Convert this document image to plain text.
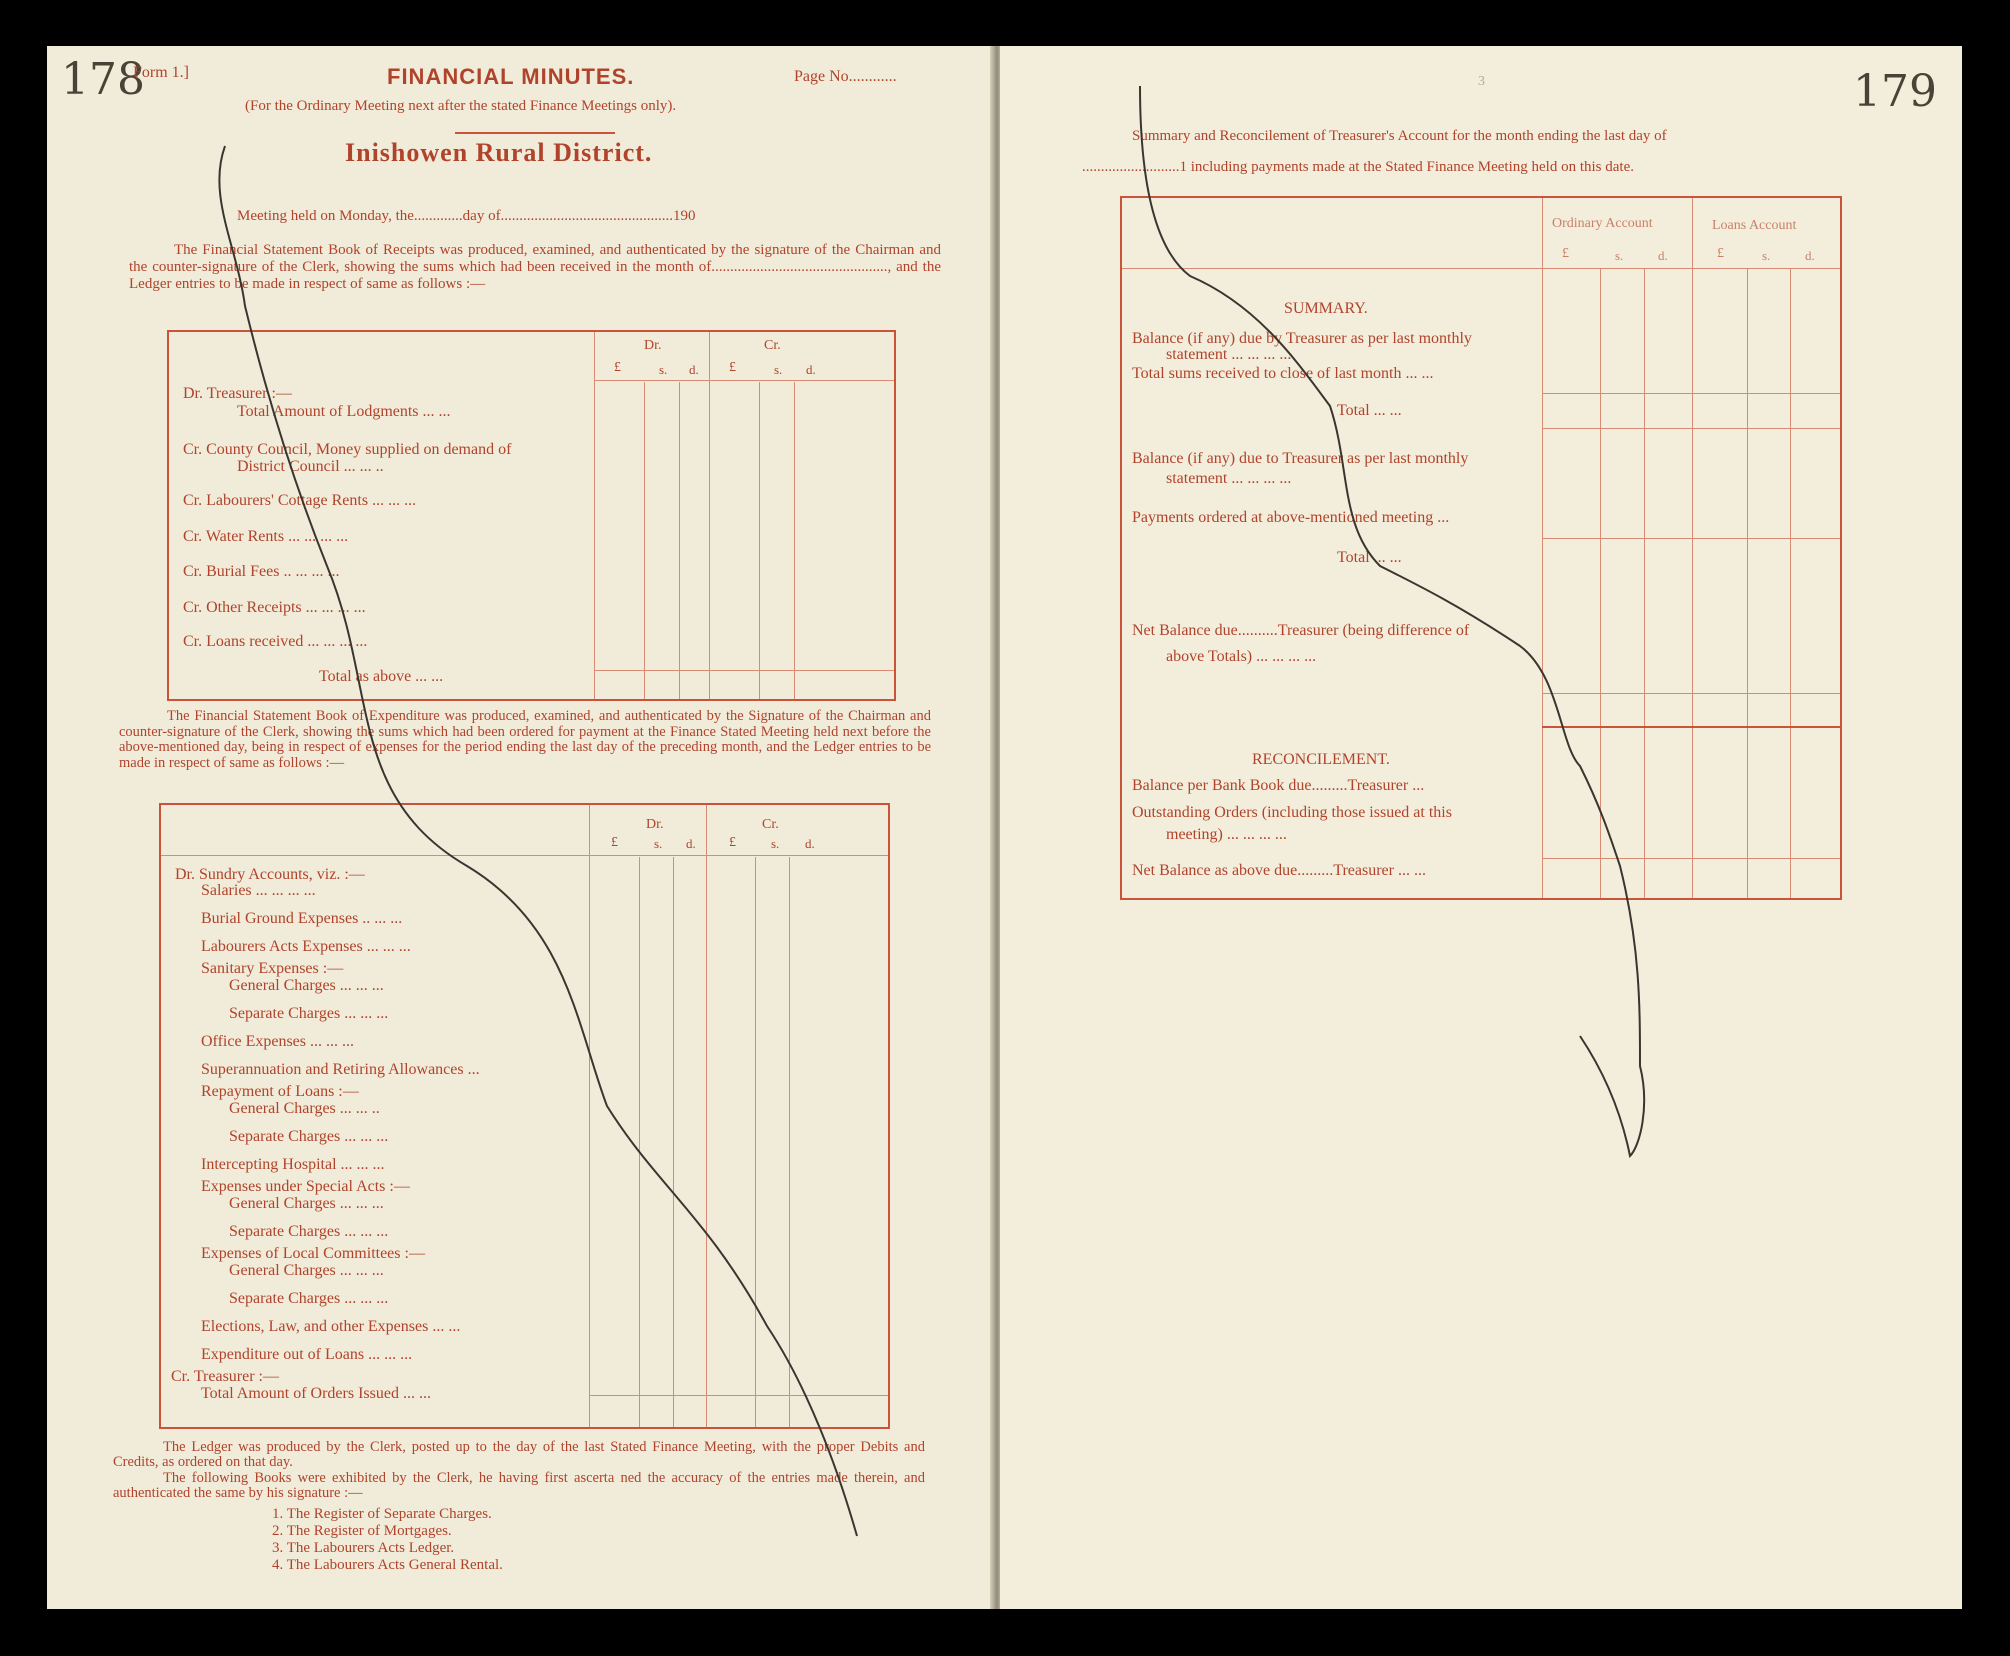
178
Form 1.]	FINANCIAL MINUTES.	Page No............
(For the Ordinary Meeting next after the stated Finance Meetings only).
Inishowen Rural District.
Meeting held on Monday, the.............day of..............................................190
The Financial Statement Book of Receipts was produced, examined, and authenticated by the signature of the Chairman and the counter-signature of the Clerk, showing the sums which had been received in the month of..............................................., and the Ledger entries to be made in respect of same as follows :—
Dr.	Cr.
£	s. d. £	s. d.
Dr. Treasurer :—
Total Amount of Lodgments ... ...
Cr. County Council, Money supplied on demand of
District Council ... ... ..
Cr. Labourers' Cottage Rents ... ... ...
Cr. Water Rents ... ... ... ...
Cr. Burial Fees .. ... ... ...
Cr. Other Receipts ... ... ... ...
Cr. Loans received ... ... ... ...
Total as above ... ...
The Financial Statement Book of Expenditure was produced, examined, and authenticated by the Signature of the Chairman and counter-signature of the Clerk, showing the sums which had been ordered for payment at the Finance Stated Meeting held next before the above-mentioned day, being in respect of expenses for the period ending the last day of the preceding month, and the Ledger entries to be made in respect of same as follows :—
Dr.	Cr.
£	s. d. £	s. d.
Dr. Sundry Accounts, viz. :—
Salaries ... ... ... ...
Burial Ground Expenses .. ... ...
Labourers Acts Expenses ... ... ...
Sanitary Expenses :—
General Charges ... ... ...
Separate Charges ... ... ...
Office Expenses ... ... ...
Superannuation and Retiring Allowances ...
Repayment of Loans :—
General Charges ... ... ..
Separate Charges ... ... ...
Intercepting Hospital ... ... ...
Expenses under Special Acts :—
General Charges ... ... ...
Separate Charges ... ... ...
Expenses of Local Committees :—
General Charges ... ... ...
Separate Charges ... ... ...
Elections, Law, and other Expenses ... ...
Expenditure out of Loans ... ... ...
Cr. Treasurer :—
Total Amount of Orders Issued ... ...
The Ledger was produced by the Clerk, posted up to the day of the last Stated Finance Meeting, with the proper Debits and Credits, as ordered on that day.
The following Books were exhibited by the Clerk, he having first ascerta ned the accuracy of the entries made therein, and authenticated the same by his signature :—
1. The Register of Separate Charges.
2. The Register of Mortgages.
3. The Labourers Acts Ledger.
4. The Labourers Acts General Rental.
179
3
Summary and Reconcilement of Treasurer's Account for the month ending the last day of
..........................1 including payments made at the Stated Finance Meeting held on this date.
Ordinary Account	Loans Account
£	s.	d.	£	s.	d.
SUMMARY.
Balance (if any) due by Treasurer as per last monthly
statement ... ... ... ...
Total sums received to close of last month ... ...
Total ... ...
Balance (if any) due to Treasurer as per last monthly
statement ... ... ... ...
Payments ordered at above-mentioned meeting ...
Total ... ...
Net Balance due..........Treasurer (being difference of
above Totals) ... ... ... ...
RECONCILEMENT.
Balance per Bank Book due.........Treasurer ...
Outstanding Orders (including those issued at this
meeting) ... ... ... ...
Net Balance as above due.........Treasurer ... ...
